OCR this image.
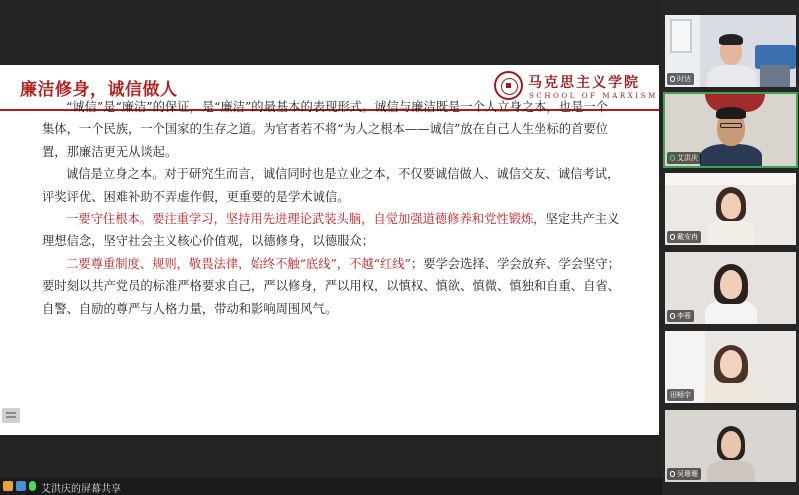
廉洁修身，诚信做人	马克思主义学院
SCHOOL OF MARXISM

“诚信”是“廉洁”的保证，是“廉洁”的最基本的表现形式。诚信与廉洁既是一个人立身之本，也是一个集体，一个民族，一个国家的生存之道。为官者若不将“为人之根本——诚信”放在自己人生坐标的首要位置，那廉洁更无从谈起。

诚信是立身之本。对于研究生而言，诚信同时也是立业之本，不仅要诚信做人、诚信交友、诚信考试，评奖评优、困难补助不弄虚作假，更重要的是学术诚信。

一要守住根本。要注重学习，坚持用先进理论武装头脑，自觉加强道德修养和党性锻炼，坚定共产主义理想信念，坚守社会主义核心价值观，以德修身，以德服众；

二要尊重制度、规则，敬畏法律，始终不触“底线”，不越“红线”；要学会选择、学会放弃、学会坚守；要时刻以共产党员的标准严格要求自己，严以修身，严以用权，以慎权、慎欲、慎微、慎独和自重、自省、自警、自励的尊严与人格力量，带动和影响周围风气。

艾洪庆的屏幕共享
时达
艾洪庆
戴安冉
李蓉
田畅宇
吴珊珊
